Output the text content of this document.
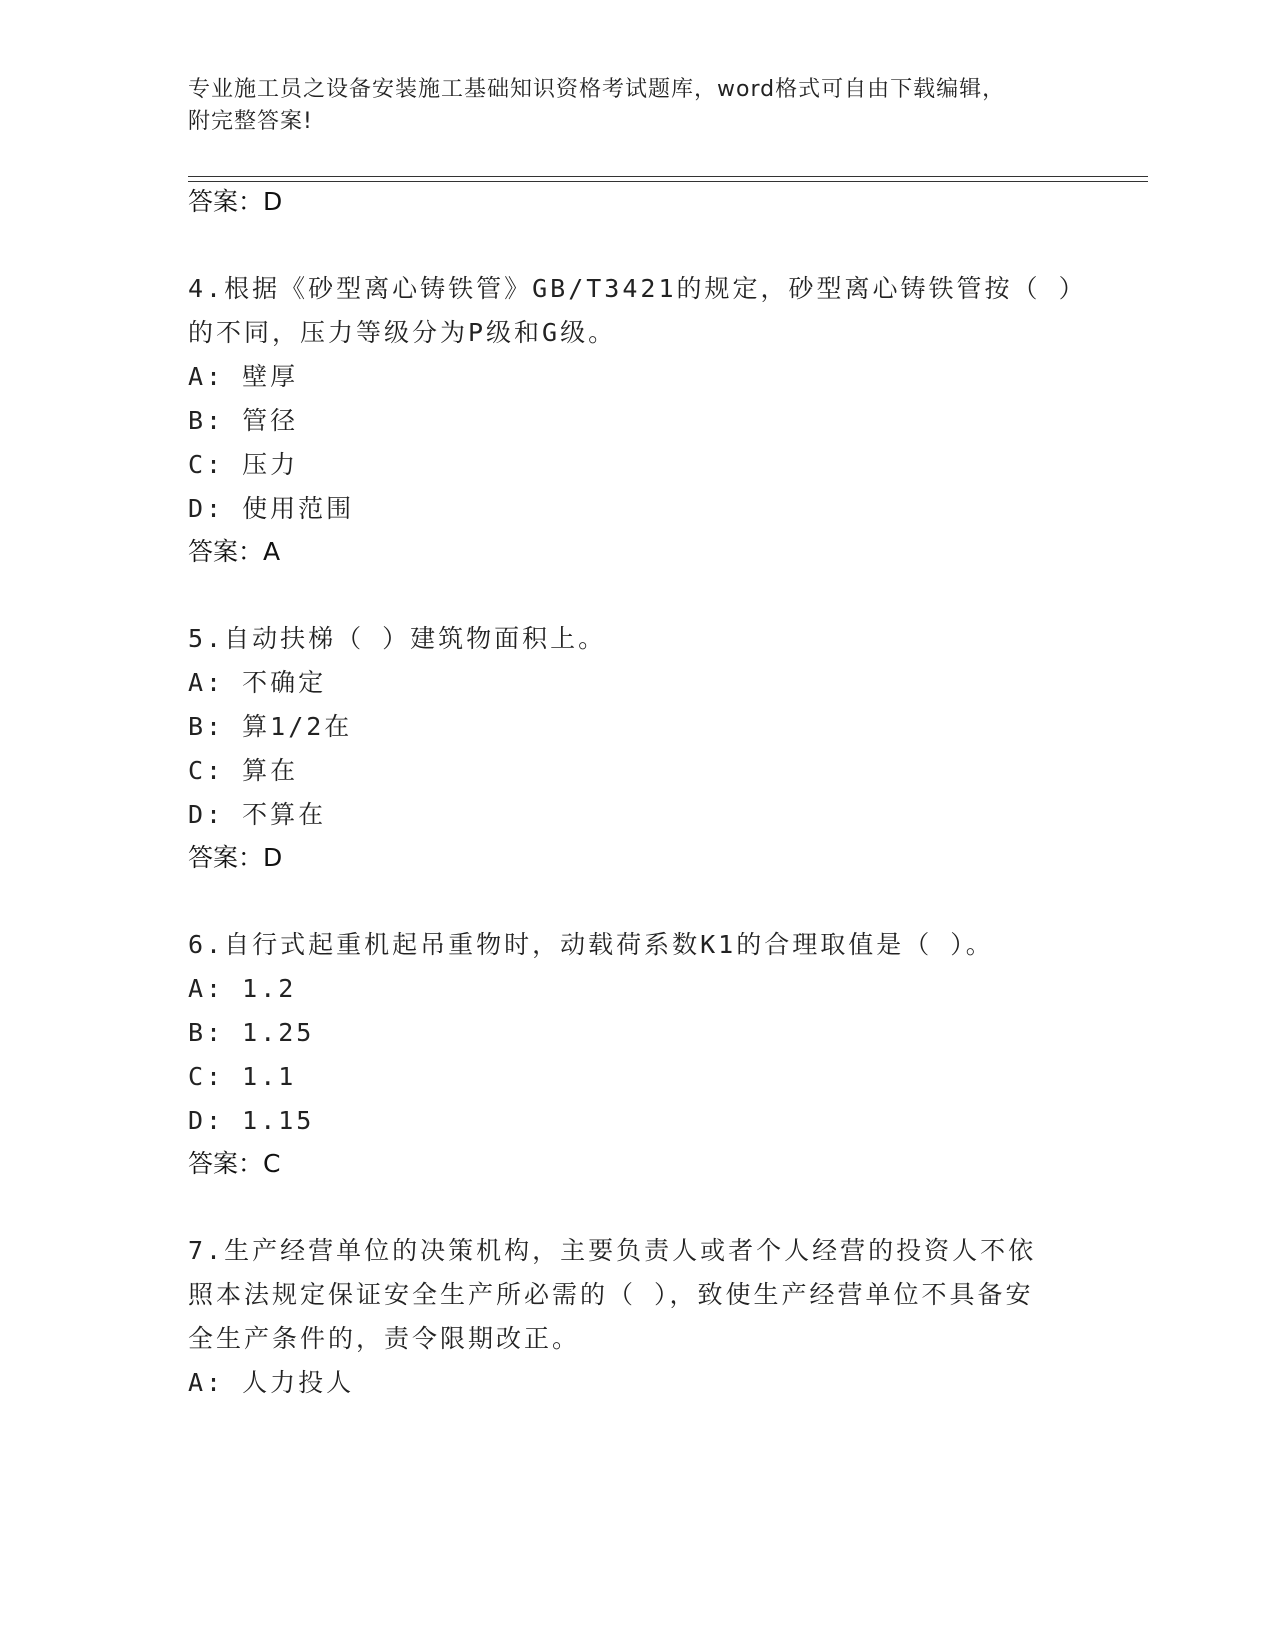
专业施工员之设备安装施工基础知识资格考试题库，word格式可自由下载编辑，
附完整答案!
答案：D
4.根据《砂型离心铸铁管》GB/T3421的规定，砂型离心铸铁管按（ ）
的不同，压力等级分为P级和G级。
A: 壁厚
B: 管径
C: 压力
D: 使用范围
答案：A
5.自动扶梯（ ）建筑物面积上。
A: 不确定
B: 算1/2在
C: 算在
D: 不算在
答案：D
6.自行式起重机起吊重物时，动载荷系数K1的合理取值是（ ）。
A: 1.2
B: 1.25
C: 1.1
D: 1.15
答案：C
7.生产经营单位的决策机构，主要负责人或者个人经营的投资人不依
照本法规定保证安全生产所必需的（ ），致使生产经营单位不具备安
全生产条件的，责令限期改正。
A: 人力投人
